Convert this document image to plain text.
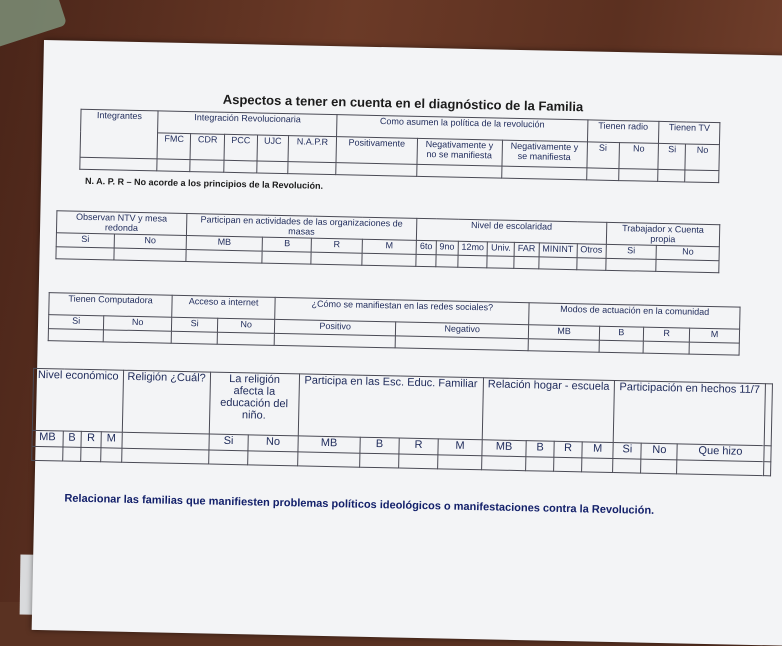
Aspectos a tener en cuenta en el diagnóstico de la Familia
Integrantes	Integración Revolucionaria					Como asumen la política de la revolución			Tienen radio		Tienen TV	
	FMC	CDR	PCC	UJC	N.A.P.R	Positivamente	Negativamente y no se manifiesta	Negativamente y se manifiesta	Si	No	Si	No

N. A. P. R – No acorde a los principios de la Revolución.
Observan NTV y mesa redonda		Participan en actividades de las organizaciones de masas				Nivel de escolaridad							Trabajador x Cuenta propia	
Si	No	MB	B	R	M	6to	9no	12mo	Univ.	FAR	MININT	Otros	Si	No

Tienen Computadora		Acceso a internet		¿Cómo se manifiestan en las redes sociales?		Modos de actuación en la comunidad			
Si	No	Si	No	Positivo	Negativo	MB	B	R	M

Nivel económico				Religión ¿Cuál?	La religión afecta la educación del niño.		Participa en las Esc. Educ. Familiar				Relación hogar - escuela				Participación en hechos 11/7			
MB	B	R	M		Si	No	MB	B	R	M	MB	B	R	M	Si	No	Que hizo	

Relacionar las familias que manifiesten problemas políticos ideológicos o manifestaciones contra la Revolución.
